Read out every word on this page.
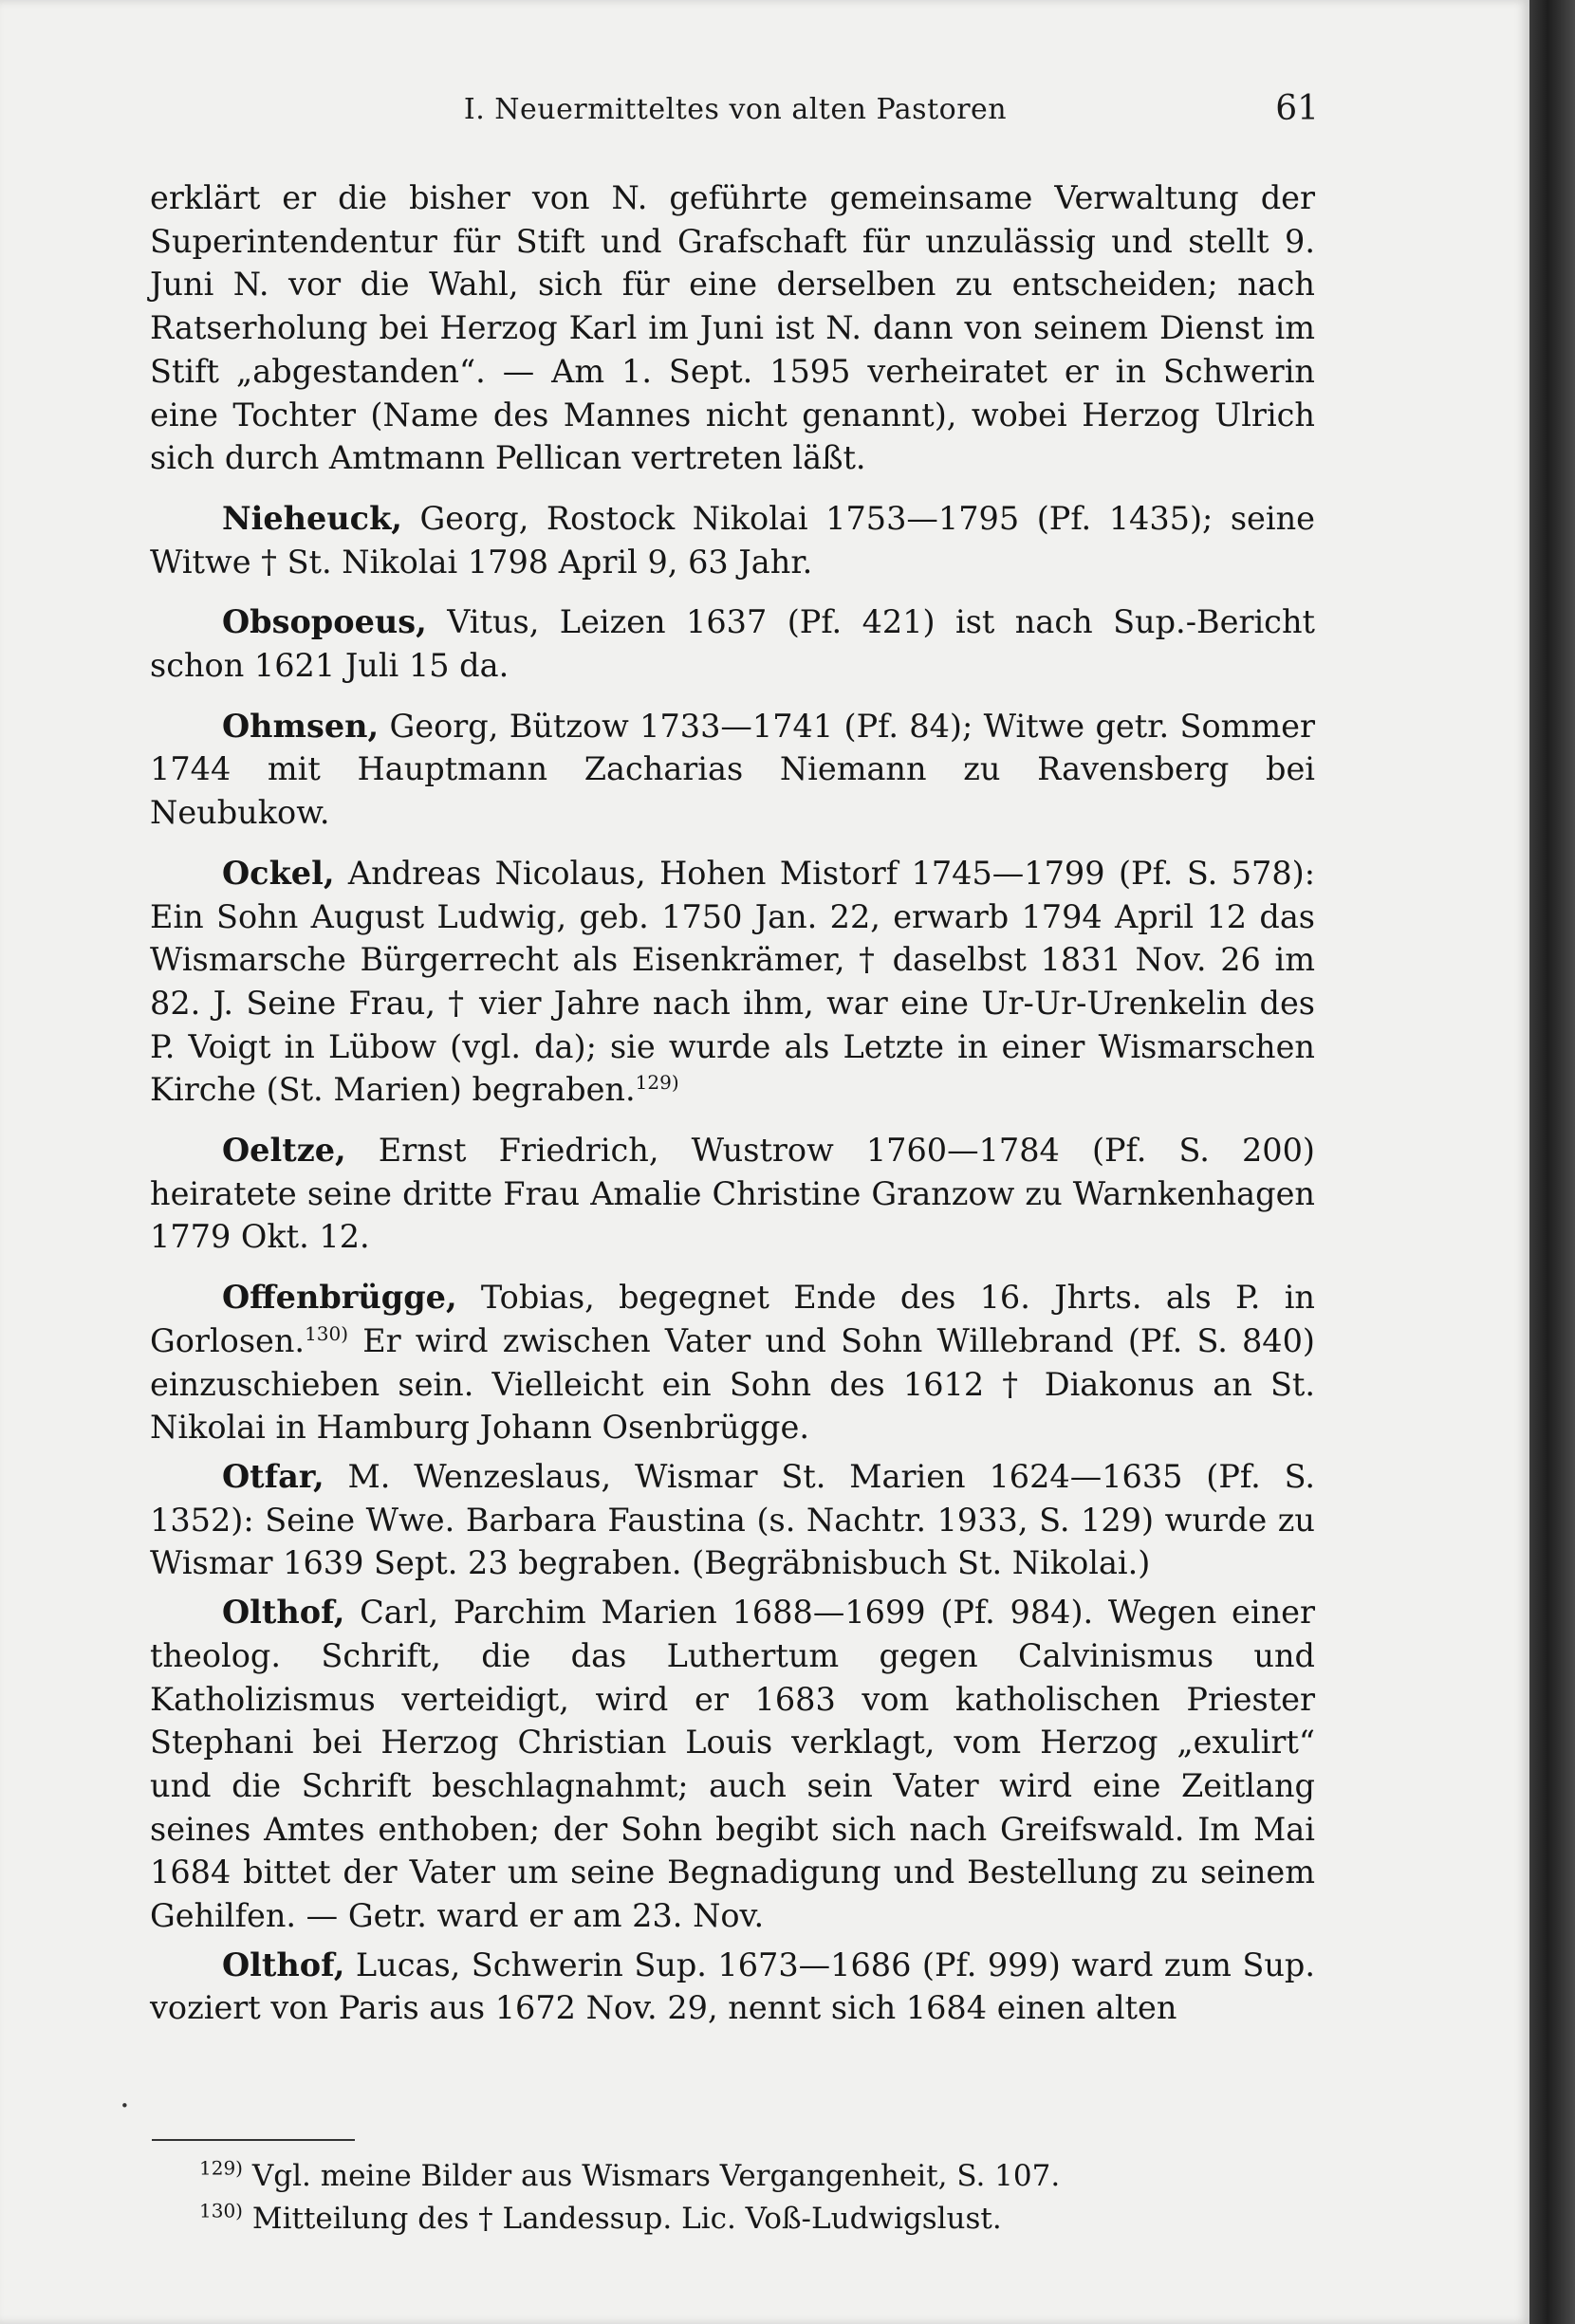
I. Neuermitteltes von alten Pastoren	61

erklärt er die bisher von N. geführte gemeinsame Verwaltung der Superintendentur für Stift und Grafschaft für unzulässig und stellt 9. Juni N. vor die Wahl, sich für eine derselben zu entscheiden; nach Ratserholung bei Herzog Karl im Juni ist N. dann von seinem Dienst im Stift „abgestanden“. — Am 1. Sept. 1595 verheiratet er in Schwerin eine Tochter (Name des Mannes nicht genannt), wobei Herzog Ulrich sich durch Amtmann Pellican vertreten läßt.

Nieheuck, Georg, Rostock Nikolai 1753—1795 (Pf. 1435); seine Witwe † St. Nikolai 1798 April 9, 63 Jahr.

Obsopoeus, Vitus, Leizen 1637 (Pf. 421) ist nach Sup.-Bericht schon 1621 Juli 15 da.

Ohmsen, Georg, Bützow 1733—1741 (Pf. 84); Witwe getr. Sommer 1744 mit Hauptmann Zacharias Niemann zu Ravensberg bei Neubukow.

Ockel, Andreas Nicolaus, Hohen Mistorf 1745—1799 (Pf. S. 578): Ein Sohn August Ludwig, geb. 1750 Jan. 22, erwarb 1794 April 12 das Wismarsche Bürgerrecht als Eisenkrämer, † daselbst 1831 Nov. 26 im 82. J. Seine Frau, † vier Jahre nach ihm, war eine Ur-Ur-Urenkelin des P. Voigt in Lübow (vgl. da); sie wurde als Letzte in einer Wismarschen Kirche (St. Marien) begraben.$^{129)}$

Oeltze, Ernst Friedrich, Wustrow 1760—1784 (Pf. S. 200) heiratete seine dritte Frau Amalie Christine Granzow zu Warnkenhagen 1779 Okt. 12.

Offenbrügge, Tobias, begegnet Ende des 16. Jhrts. als P. in Gorlosen.$^{130)}$ Er wird zwischen Vater und Sohn Willebrand (Pf. S. 840) einzuschieben sein. Vielleicht ein Sohn des 1612 † Diakonus an St. Nikolai in Hamburg Johann Osenbrügge.

Otfar, M. Wenzeslaus, Wismar St. Marien 1624—1635 (Pf. S. 1352): Seine Wwe. Barbara Faustina (s. Nachtr. 1933, S. 129) wurde zu Wismar 1639 Sept. 23 begraben. (Begräbnisbuch St. Nikolai.)

Olthof, Carl, Parchim Marien 1688—1699 (Pf. 984). Wegen einer theolog. Schrift, die das Luthertum gegen Calvinismus und Katholizismus verteidigt, wird er 1683 vom katholischen Priester Stephani bei Herzog Christian Louis verklagt, vom Herzog „exulirt“ und die Schrift beschlagnahmt; auch sein Vater wird eine Zeitlang seines Amtes enthoben; der Sohn begibt sich nach Greifswald. Im Mai 1684 bittet der Vater um seine Begnadigung und Bestellung zu seinem Gehilfen. — Getr. ward er am 23. Nov.

Olthof, Lucas, Schwerin Sup. 1673—1686 (Pf. 999) ward zum Sup. voziert von Paris aus 1672 Nov. 29, nennt sich 1684 einen alten

·

$^{129)}$ Vgl. meine Bilder aus Wismars Vergangenheit, S. 107.

$^{130)}$ Mitteilung des † Landessup. Lic. Voß-Ludwigslust.
